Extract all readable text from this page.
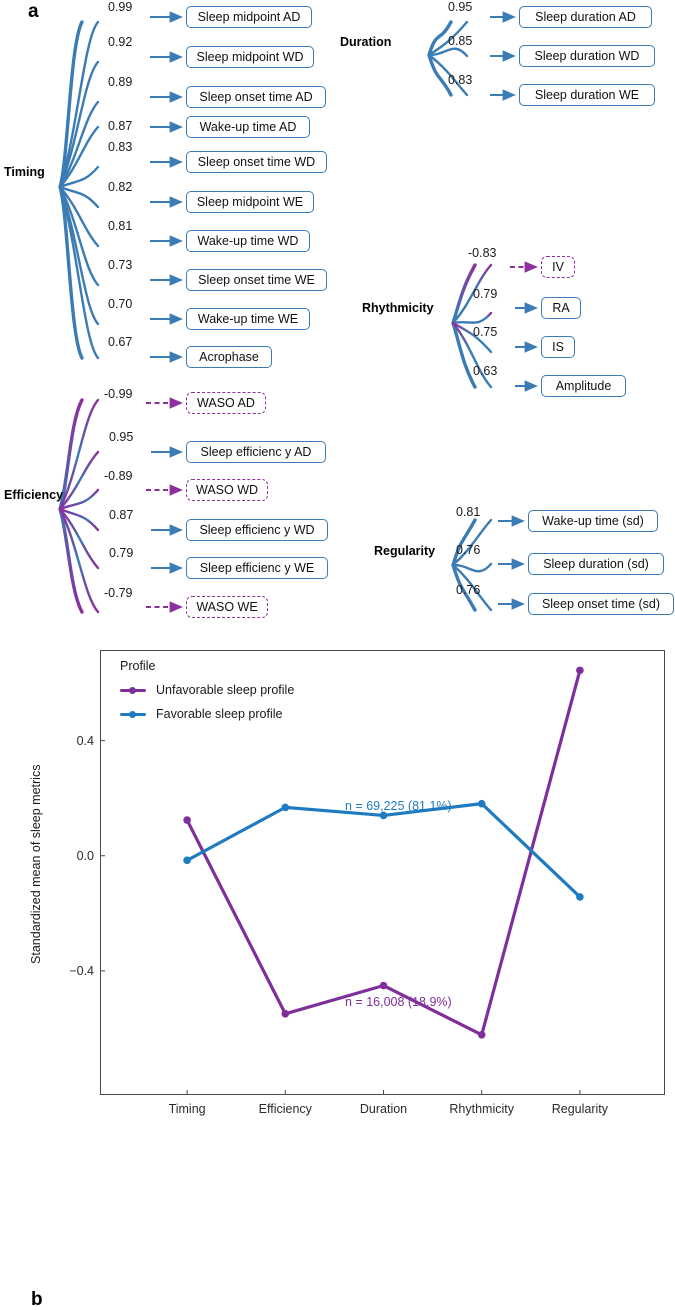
a
Timing
0.99
Sleep midpoint AD
0.92
Sleep midpoint WD
0.89
Sleep onset time AD
0.87	Wake-up time AD
0.83
Sleep onset time WD
0.82
Sleep midpoint WE
0.81
Wake-up time WD
0.73
Sleep onset time WE
0.70
Wake-up time WE
0.67
Acrophase
Duration
0.95
Sleep duration AD
0.85
Sleep duration WD
0.83
Sleep duration WE
Rhythmicity
-0.83
IV
0.79
RA
0.75
IS
0.63
Amplitude
Efficiency
-0.99
WASO AD
0.95
Sleep efficienc y AD
-0.89
WASO WD
0.87
Sleep efficienc y WD
0.79
Sleep efficienc y WE
-0.79
WASO WE
Regularity
0.81
Wake-up time (sd)
0.76
Sleep duration (sd)
0.76
Sleep onset time (sd)
b
Standardized mean of sleep metrics
0.4
0.0
−0.4
Timing	Efficiency	Duration	Rhythmicity	Regularity
Profile
Unfavorable sleep profile
Favorable sleep profile
n = 69,225 (81.1%)
n = 16,008 (18.9%)
